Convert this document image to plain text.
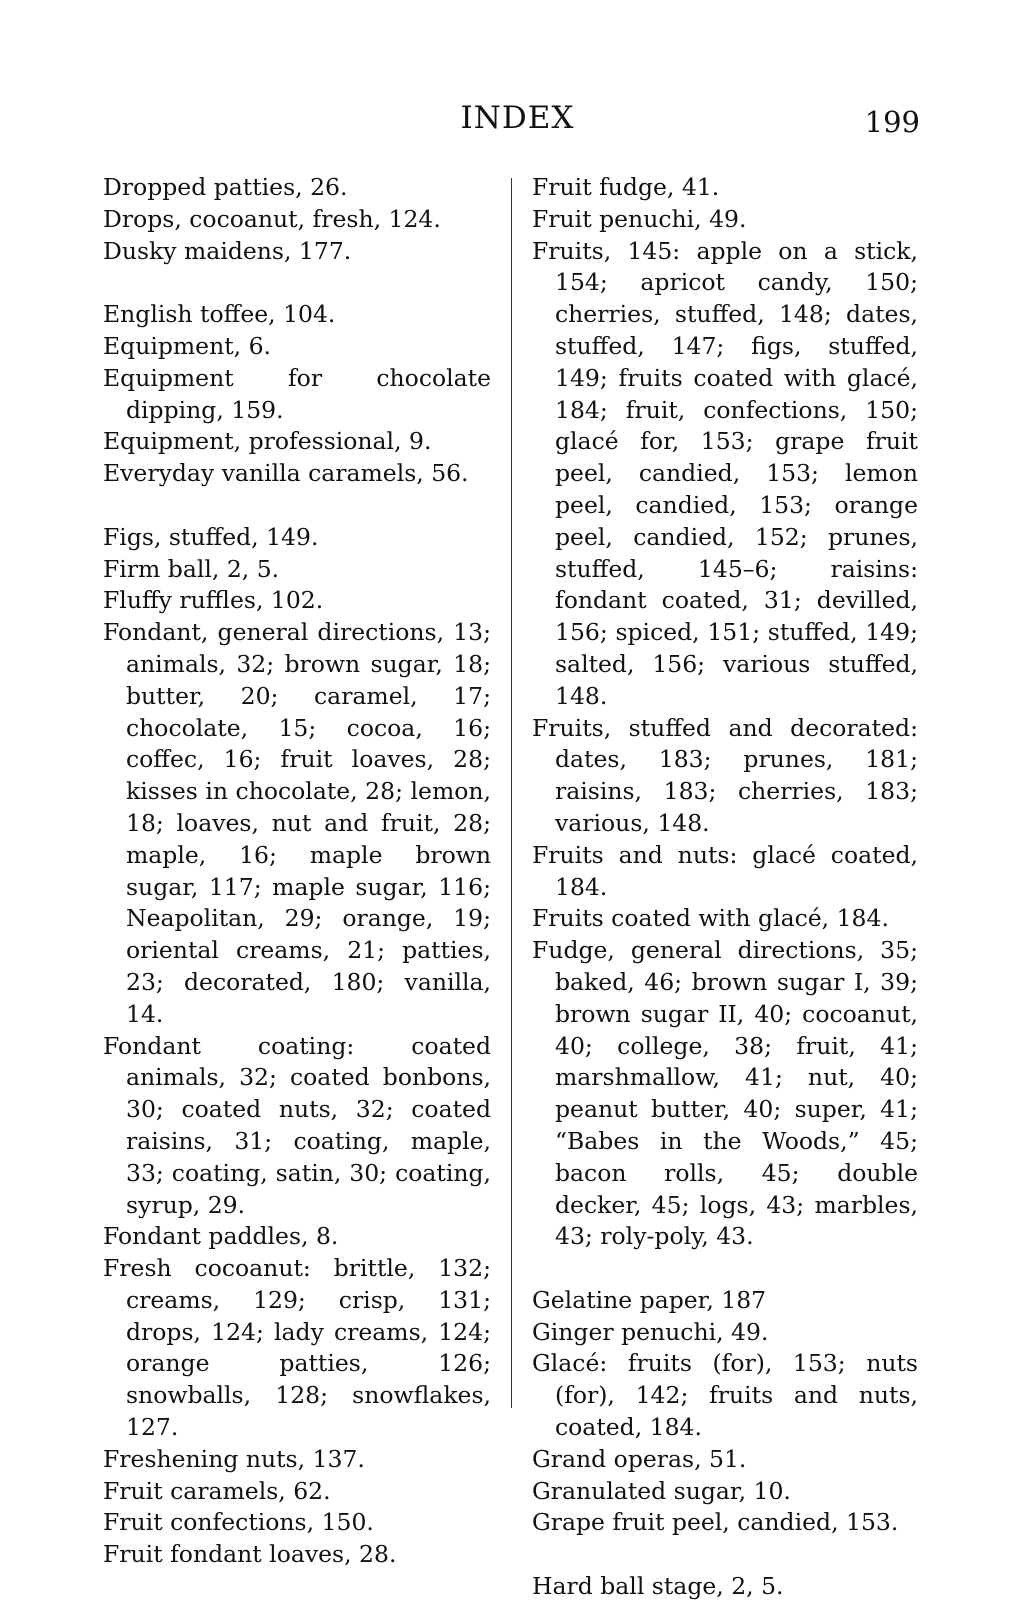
INDEX	199

Dropped patties, 26.

Drops, cocoanut, fresh, 124.

Dusky maidens, 177.

English toffee, 104.

Equipment, 6.

Equipment for chocolate dipping, 159.

Equipment, professional, 9.

Everyday vanilla caramels, 56.

Figs, stuffed, 149.

Firm ball, 2, 5.

Fluffy ruffles, 102.

Fondant, general directions, 13; animals, 32; brown sugar, 18; butter, 20; caramel, 17; chocolate, 15; cocoa, 16; coffec, 16; fruit loaves, 28; kisses in chocolate, 28; lemon, 18; loaves, nut and fruit, 28; maple, 16; maple brown sugar, 117; maple sugar, 116; Neapolitan, 29; orange, 19; oriental creams, 21; patties, 23; decorated, 180; vanilla, 14.

Fondant coating: coated animals, 32; coated bonbons, 30; coated nuts, 32; coated raisins, 31; coating, maple, 33; coating, satin, 30; coating, syrup, 29.

Fondant paddles, 8.

Fresh cocoanut: brittle, 132; creams, 129; crisp, 131; drops, 124; lady creams, 124; orange patties, 126; snowballs, 128; snowflakes, 127.

Freshening nuts, 137.

Fruit caramels, 62.

Fruit confections, 150.

Fruit fondant loaves, 28.

Fruit fudge, 41.

Fruit penuchi, 49.

Fruits, 145: apple on a stick, 154; apricot candy, 150; cherries, stuffed, 148; dates, stuffed, 147; figs, stuffed, 149; fruits coated with glacé, 184; fruit, confections, 150; glacé for, 153; grape fruit peel, candied, 153; lemon peel, candied, 153; orange peel, candied, 152; prunes, stuffed, 145–6; raisins: fondant coated, 31; devilled, 156; spiced, 151; stuffed, 149; salted, 156; various stuffed, 148.

Fruits, stuffed and decorated: dates, 183; prunes, 181; raisins, 183; cherries, 183; various, 148.

Fruits and nuts: glacé coated, 184.

Fruits coated with glacé, 184.

Fudge, general directions, 35; baked, 46; brown sugar I, 39; brown sugar II, 40; cocoanut, 40; college, 38; fruit, 41; marshmallow, 41; nut, 40; peanut butter, 40; super, 41; “Babes in the Woods,” 45; bacon rolls, 45; double decker, 45; logs, 43; marbles, 43; roly-poly, 43.

Gelatine paper, 187

Ginger penuchi, 49.

Glacé: fruits (for), 153; nuts (for), 142; fruits and nuts, coated, 184.

Grand operas, 51.

Granulated sugar, 10.

Grape fruit peel, candied, 153.

Hard ball stage, 2, 5.
